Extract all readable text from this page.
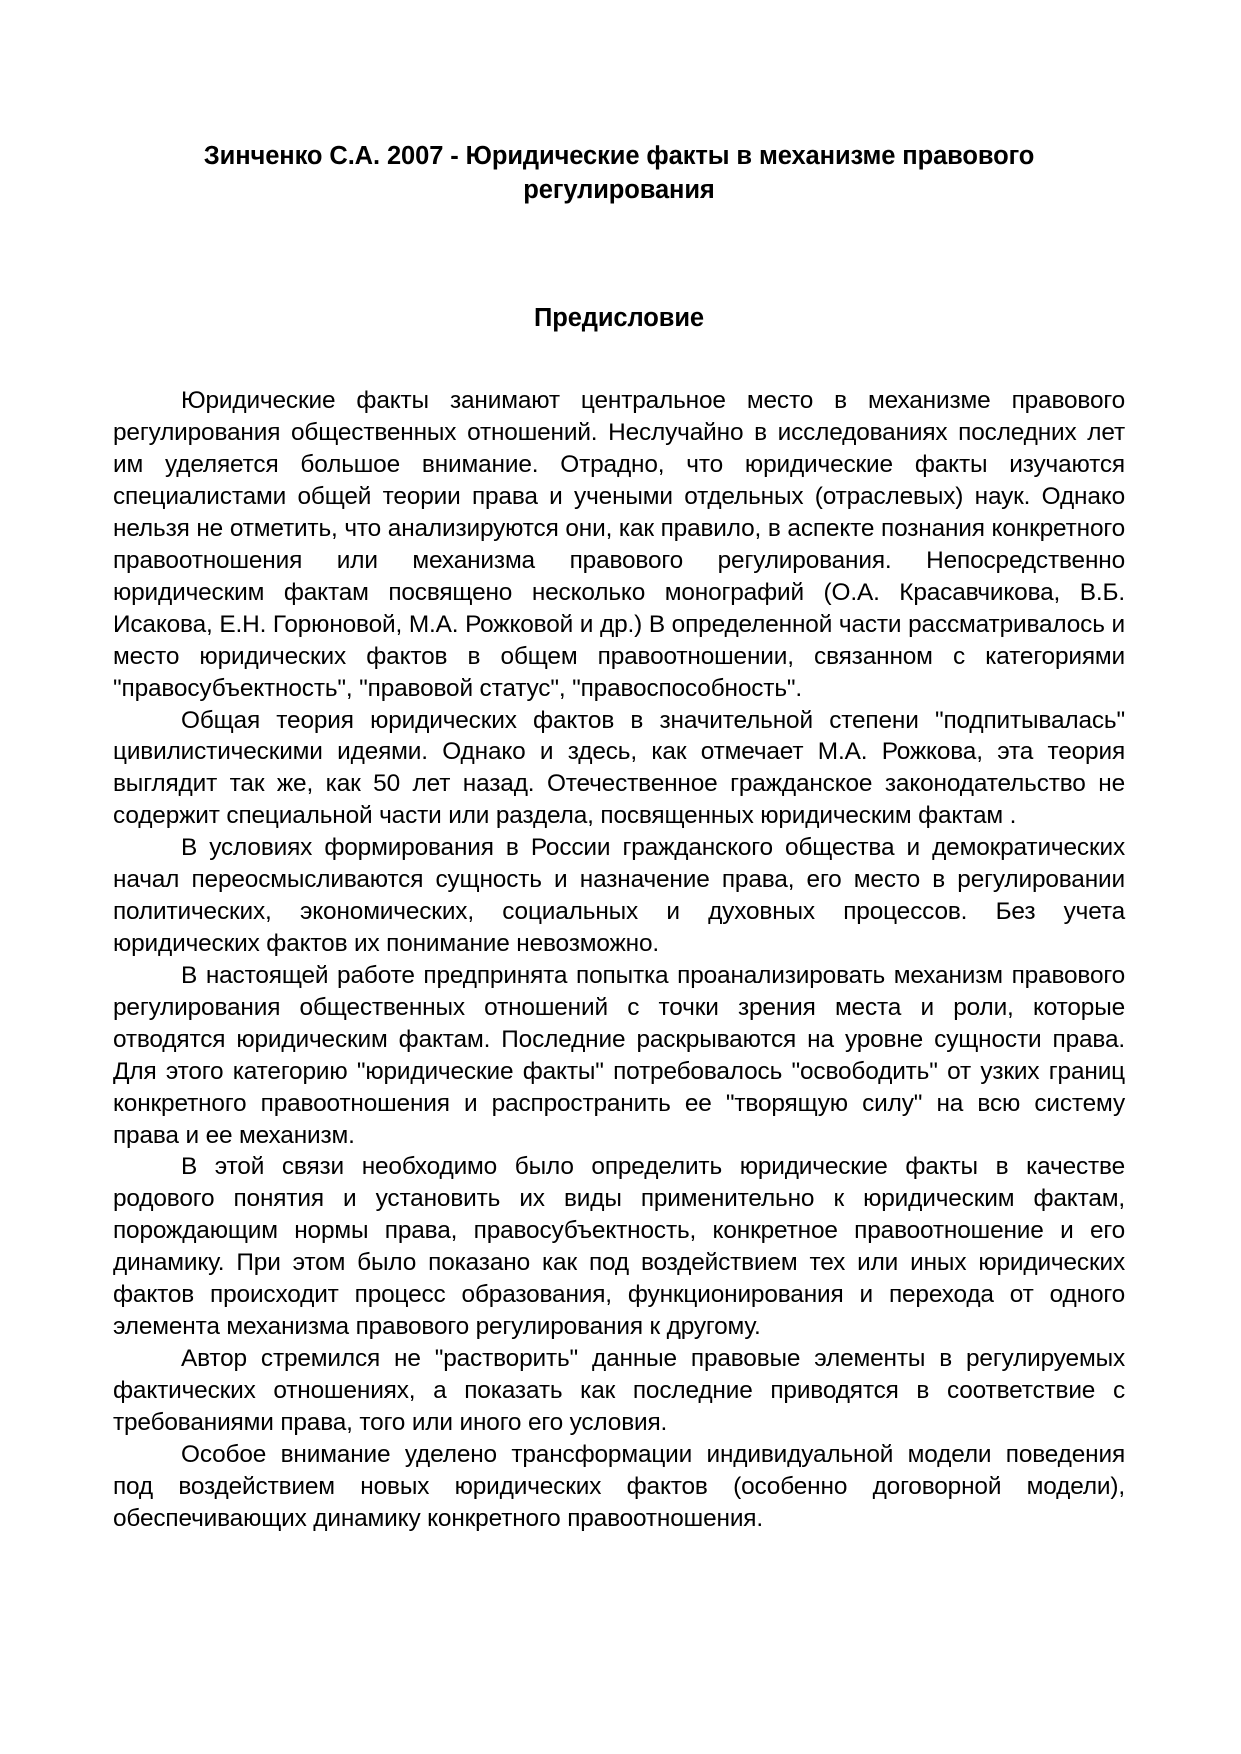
Зинченко С.А. 2007 - Юридические факты в механизме правового регулирования
Предисловие

Юридические факты занимают центральное место в механизме правового регулирования общественных отношений. Неслучайно в исследованиях последних лет им уделяется большое внимание. Отрадно, что юридические факты изучаются специалистами общей теории права и учеными отдельных (отраслевых) наук. Однако нельзя не отметить, что анализируются они, как правило, в аспекте познания конкретного правоотношения или механизма правового регулирования. Непосредственно юридическим фактам посвящено несколько монографий (О.А. Красавчикова, В.Б. Исакова, Е.Н. Горюновой, М.А. Рожковой и др.) В определенной части рассматривалось и место юридических фактов в общем правоотношении, связанном с категориями "правосубъектность", "правовой статус", "правоспособность".

Общая теория юридических фактов в значительной степени "подпитывалась" цивилистическими идеями. Однако и здесь, как отмечает М.А. Рожкова, эта теория выглядит так же, как 50 лет назад. Отечественное гражданское законодательство не содержит специальной части или раздела, посвященных юридическим фактам .

В условиях формирования в России гражданского общества и демократических начал переосмысливаются сущность и назначение права, его место в регулировании политических, экономических, социальных и духовных процессов. Без учета юридических фактов их понимание невозможно.

В настоящей работе предпринята попытка проанализировать механизм правового регулирования общественных отношений с точки зрения места и роли, которые отводятся юридическим фактам. Последние раскрываются на уровне сущности права. Для этого категорию "юридические факты" потребовалось "освободить" от узких границ конкретного правоотношения и распространить ее "творящую силу" на всю систему права и ее механизм.

В этой связи необходимо было определить юридические факты в качестве родового понятия и установить их виды применительно к юридическим фактам, порождающим нормы права, правосубъектность, конкретное правоотношение и его динамику. При этом было показано как под воздействием тех или иных юридических фактов происходит процесс образования, функционирования и перехода от одного элемента механизма правового регулирования к другому.

Автор стремился не "растворить" данные правовые элементы в регулируемых фактических отношениях, а показать как последние приводятся в соответствие с требованиями права, того или иного его условия.

Особое внимание уделено трансформации индивидуальной модели поведения под воздействием новых юридических фактов (особенно договорной модели), обеспечивающих динамику конкретного правоотношения.
